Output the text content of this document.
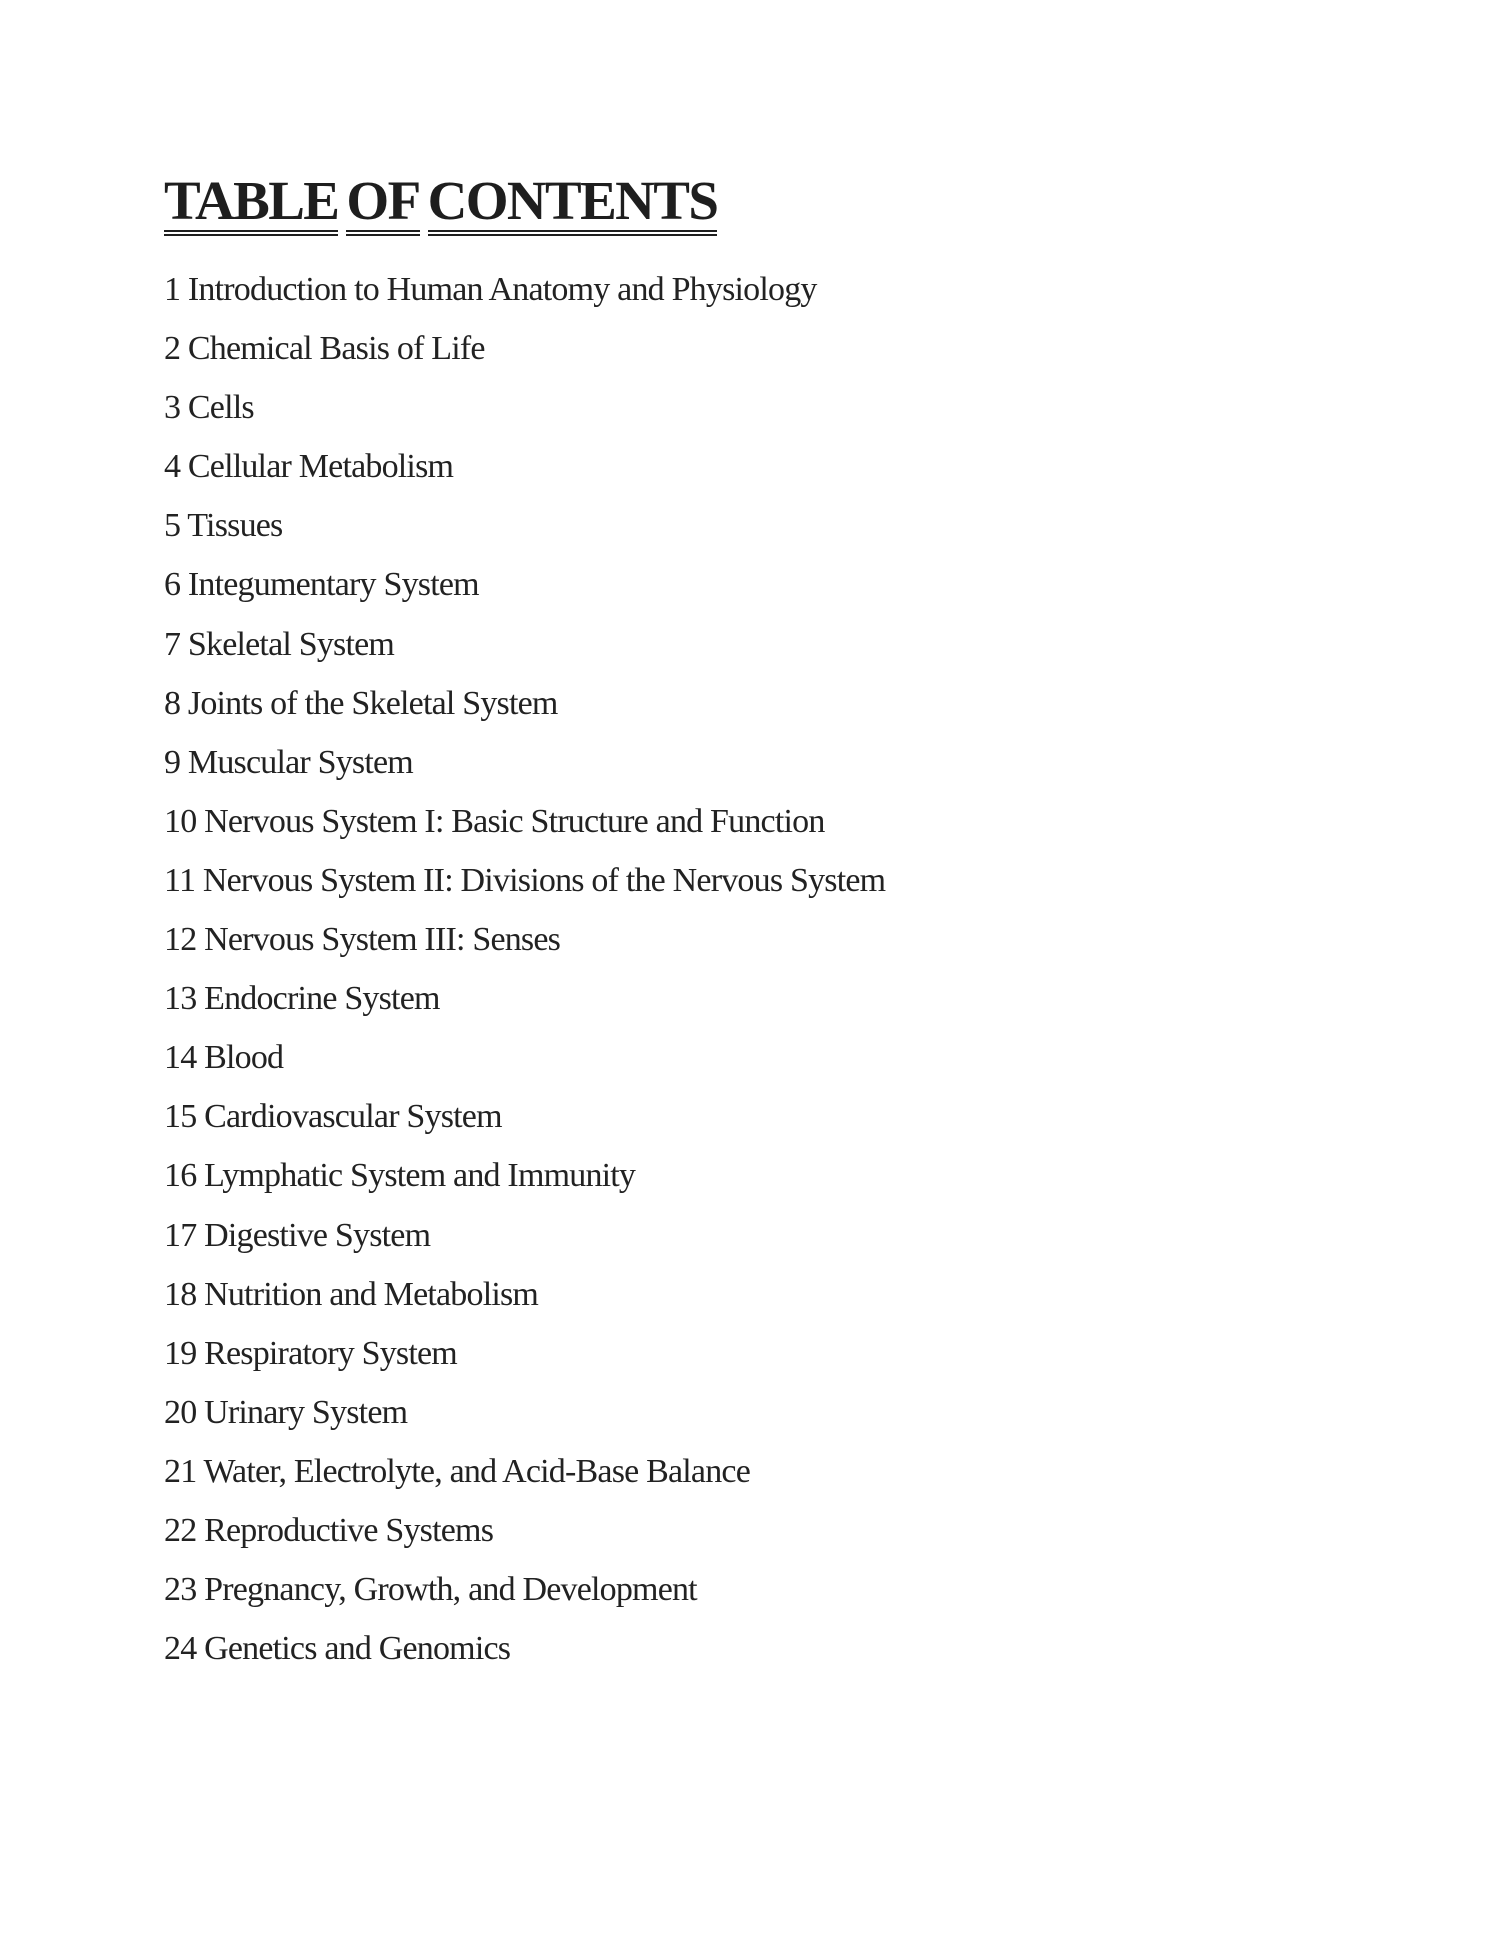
TABLE OF CONTENTS
1 Introduction to Human Anatomy and Physiology
2 Chemical Basis of Life
3 Cells
4 Cellular Metabolism
5 Tissues
6 Integumentary System
7 Skeletal System
8 Joints of the Skeletal System
9 Muscular System
10 Nervous System I: Basic Structure and Function
11 Nervous System II: Divisions of the Nervous System
12 Nervous System III: Senses
13 Endocrine System
14 Blood
15 Cardiovascular System
16 Lymphatic System and Immunity
17 Digestive System
18 Nutrition and Metabolism
19 Respiratory System
20 Urinary System
21 Water, Electrolyte, and Acid-Base Balance
22 Reproductive Systems
23 Pregnancy, Growth, and Development
24 Genetics and Genomics
